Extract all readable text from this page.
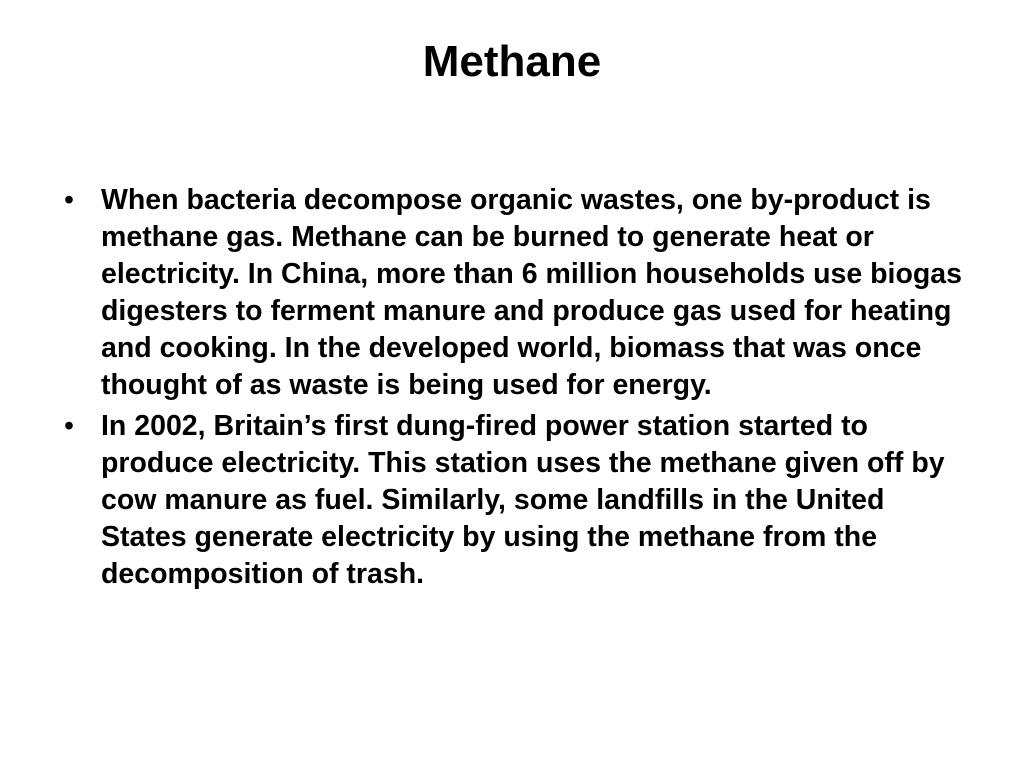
Methane
• When bacteria decompose organic wastes, one by-product is methane gas. Methane can be burned to generate heat or electricity. In China, more than 6 million households use biogas digesters to ferment manure and produce gas used for heating and cooking. In the developed world, biomass that was once thought of as waste is being used for energy.
• In 2002, Britain’s first dung-fired power station started to produce electricity. This station uses the methane given off by cow manure as fuel. Similarly, some landfills in the United States generate electricity by using the methane from the decomposition of trash.
